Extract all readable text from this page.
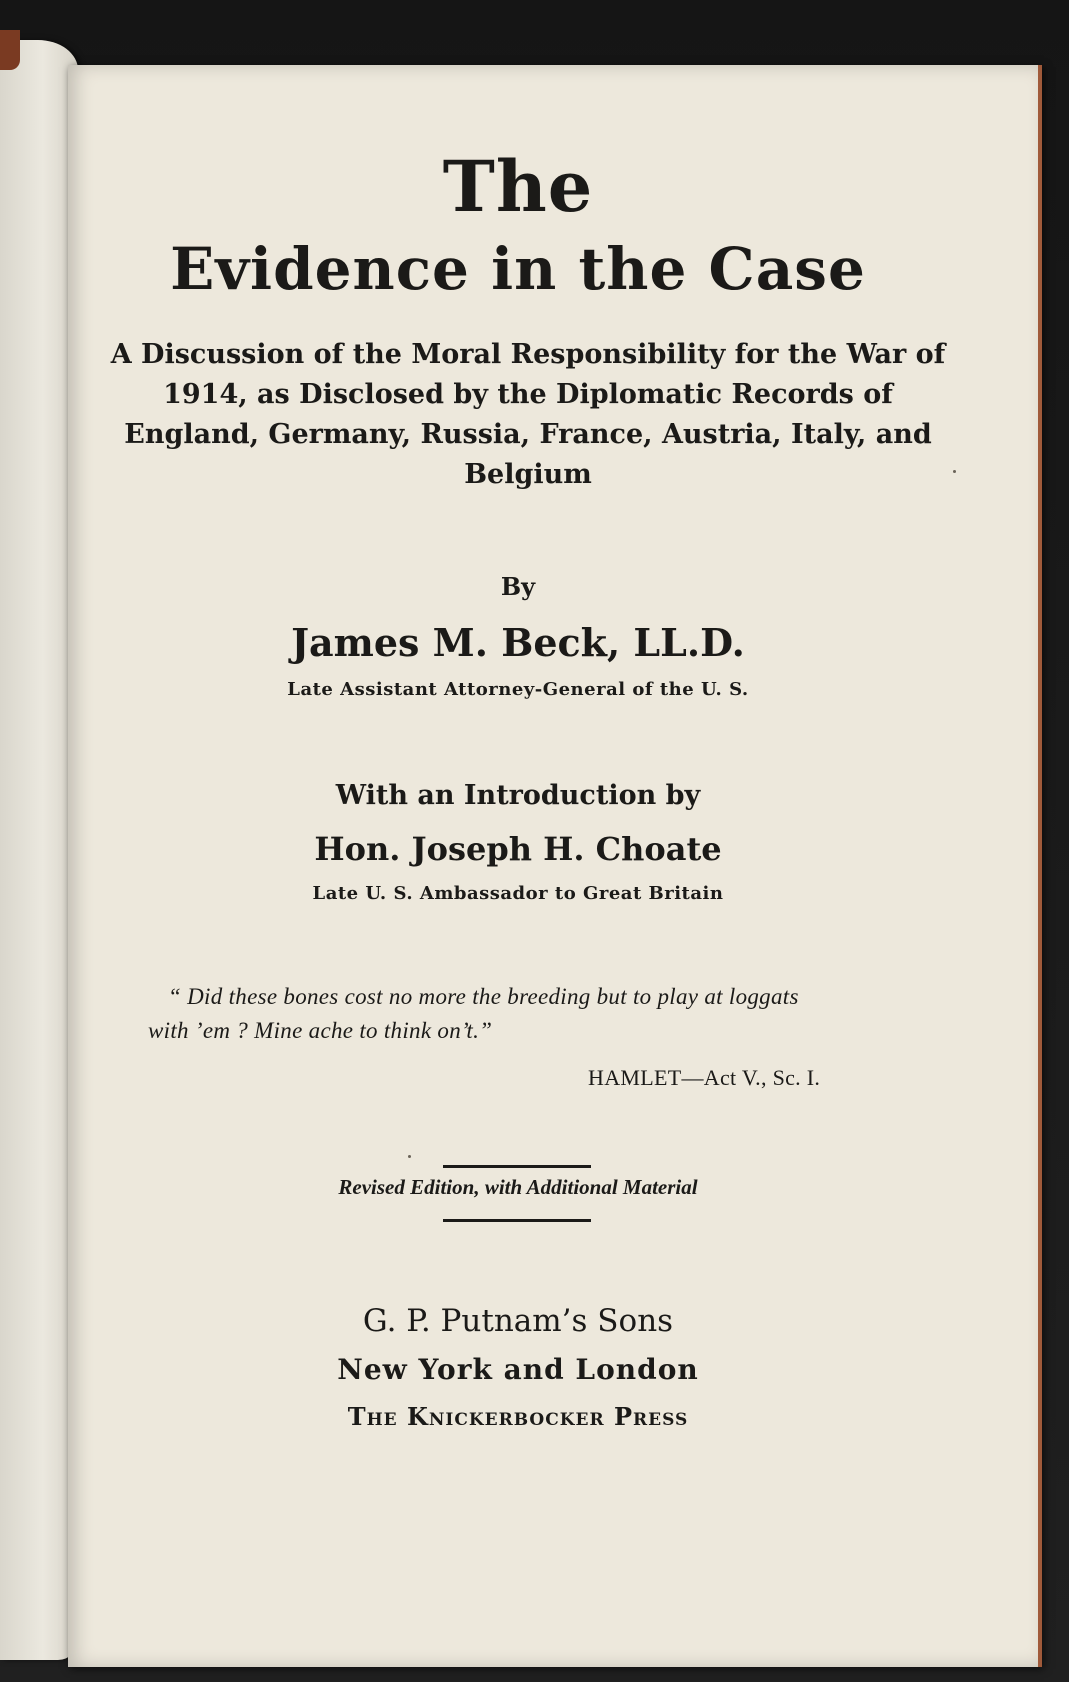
The
Evidence in the Case
A Discussion of the Moral Responsibility for the War of 1914, as Disclosed by the Diplomatic Records of England, Germany, Russia, France, Austria, Italy, and Belgium
By
James M. Beck, LL.D.
Late Assistant Attorney-General of the U. S.
With an Introduction by
Hon. Joseph H. Choate
Late U. S. Ambassador to Great Britain
“ Did these bones cost no more the breeding but to play at loggats
with ’em ? Mine ache to think on’t.”
HAMLET—Act V., Sc. I.
Revised Edition, with Additional Material
G. P. Putnam’s Sons
New York and London
The Knickerbocker Press
